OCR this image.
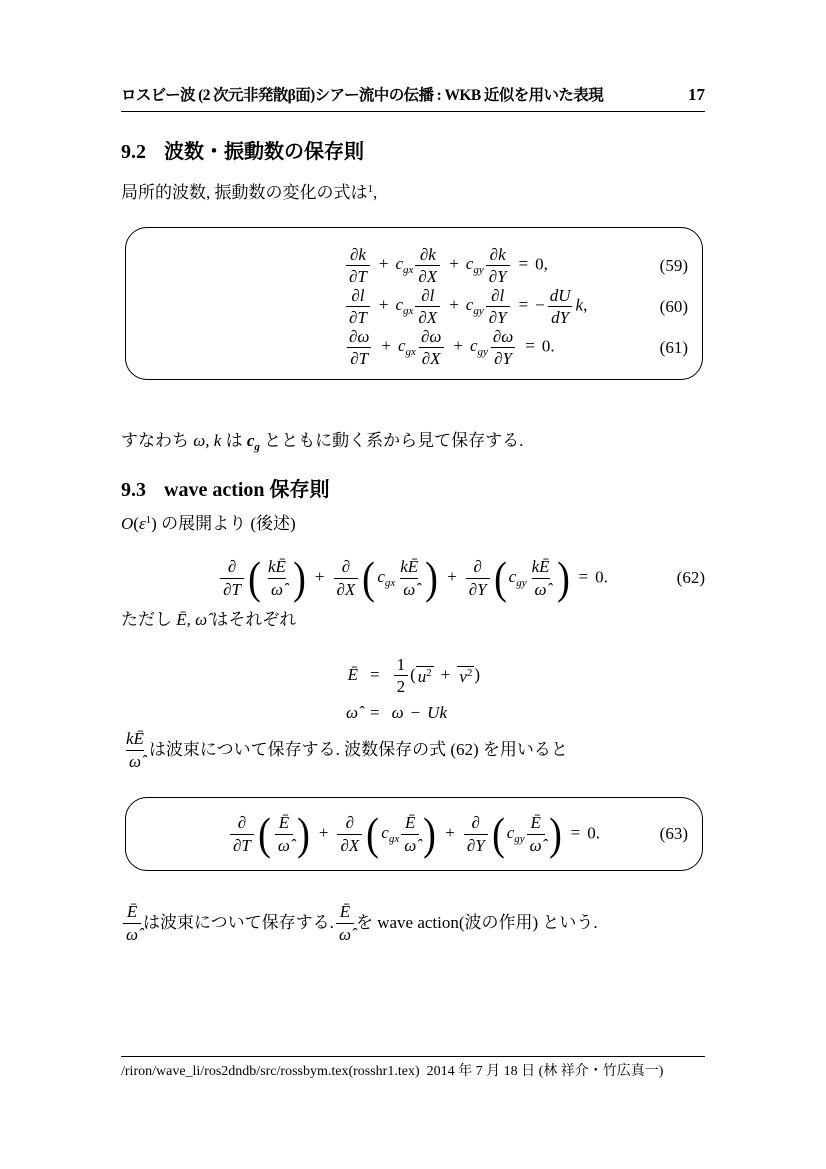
ロスビー波 (2 次元非発散β面)シアー流中の伝播 : WKB 近似を用いた表現	17
9.2 波数・振動数の保存則

局所的波数, 振動数の変化の式は$^1$,

$\frac{\partial k}{\partial T} + c_{gx} \frac{\partial k}{\partial X} + c_{gy} \frac{\partial k}{\partial Y} = 0$,	(59)
$\frac{\partial l}{\partial T} + c_{gx} \frac{\partial l}{\partial X} + c_{gy} \frac{\partial l}{\partial Y}$ = − $\frac{dU}{dY} k$,	(60)
$\frac{\partial\omega}{\partial T} + c_{gx} \frac{\partial\omega}{\partial X} + c_{gy} \frac{\partial\omega}{\partial Y} = 0$.	(61)

すなわち ω, k は $c_g$ とともに動く系から見て保存する.

9.3 wave action 保存則

$O(\varepsilon^1)$ の展開より (後述)

∂
∂T ( $\frac{kĒ}{\omegâ}$ ) + ∂
∂X ( $c_{gx} \frac{kĒ}{\omegâ}$ ) + ∂
∂Y ( $c_{gy} \frac{kĒ}{\omegâ}$ ) = 0.	(62)

ただし Ē, ω̂ はそれぞれ

Ē = $\frac{1}{2}$ ( $u^2 + v^2$ )
ω̂ = ω − Uk

$\frac{kĒ}{\omegâ}$ は波束について保存する. 波数保存の式 (62) を用いると

∂
∂T ( $\frac{Ē}{\omegâ}$ ) + ∂
∂X ( $c_{gx} \frac{Ē}{\omegâ}$ ) + ∂
∂Y ( $c_{gy} \frac{Ē}{\omegâ}$ ) = 0.	(63)

$\frac{Ē}{\omegâ}$ は波束について保存する. $\frac{Ē}{\omegâ}$ を wave action(波の作用) という.

/riron/wave_li/ros2dndb/src/rossbym.tex(rosshr1.tex)  2014 年 7 月 18 日 (林 祥介・竹広真一)
